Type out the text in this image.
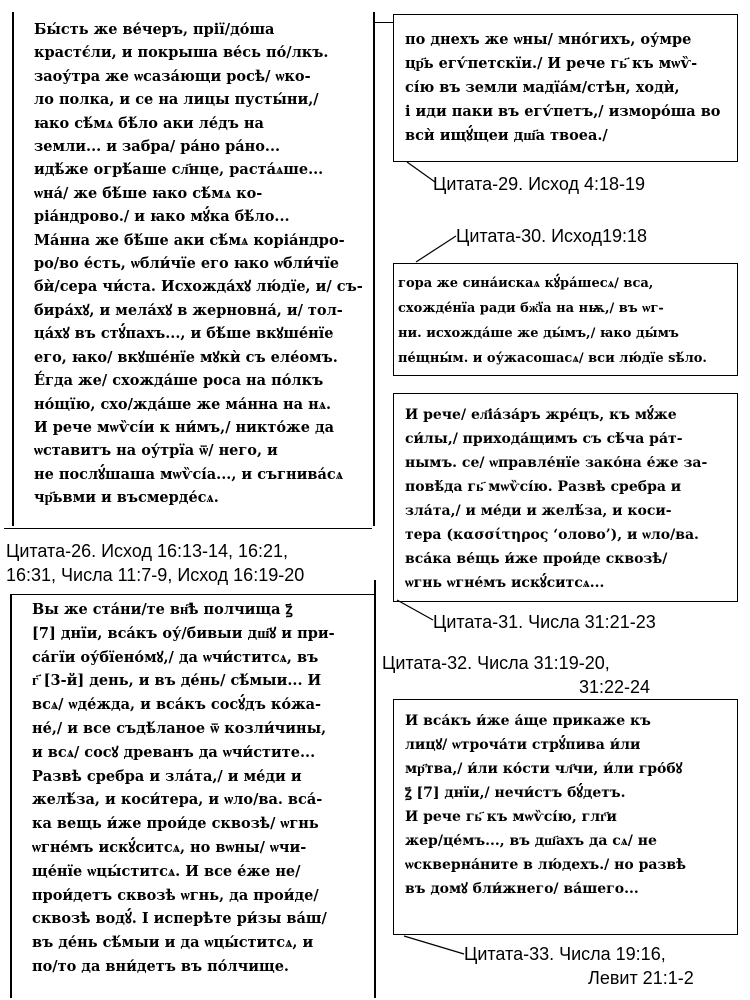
Бы́сть же ве́черъ, прії/до́ша
крастє́ли, и покрыша ве́сь по́/лкъ.
заоу́тра же ѡсаза́ющи росѣ/ ѡко-
ло полка, и се на лицы пусты́ни,/
ꙗко сѣ́мѧ бѣ́ло аки ле́дъ на
земли... и забра/ ра́но ра́но...
идѣ́же огрѣ́аше сл҃нце, раста́ѧше...
ѡна́/ же бѣ́ше ꙗко сѣ́мѧ ко-
ріа́ндрово./ и ꙗко мꙋ́ка бѣ́ло...
Ма́нна же бѣ́ше аки сѣ́мѧ коріа́ндро-
ро/во е́сть, ѡбли́чїе его ꙗко ѡбли́чїе
бѝ/сера чи́ста. Исхожда́хꙋ лю́дїе, и/ съ-
бира́хꙋ, и мела́хꙋ в жерновна́, и/ тол-
ца́хꙋ въ стꙋ́пахъ..., и бѣ́ше вкꙋше́нїе
его, ꙗко/ вкꙋше́нїе мꙋкѝ съ еле́омъ.
Е́гда же/ схожда́ше роса на по́лкъ
но́щїю, схо/жда́ше же ма́нна на нѧ.
И рече мѡѷсі́и к ни́мъ,/ никто́же да
ѡставитъ на оу́трїа ѿ/ него, и
не послꙋ́шаша мѡѷсі́а..., и съгнива́сѧ
чр҃ьвми и въсмерде́сѧ.
Цитата-26. Исход 16:13-14, 16:21,
16:31, Числа 11:7-9, Исход 16:19-20
по днехъ же ѡны/ мно́гихъ, оу́мре
цр҃ь егѵ́петскїи./ И рече гь҃ къ мѡѷ-
сі́ю въ земли мадїа́м/стѣн, ходѝ,
і иди паки въ егѵ́петъ,/ изморо́ша во
всѝ ищꙋ́щеи дш҃а твоеа./
Цитата-29. Исход 4:18-19
Цитата-30. Исход19:18
гора же сина́искаѧ кꙋ́ра́шесѧ/ вса,
схожде́нїа ради бж҃їа на нѭ,/ въ ѡг-
ни. исхожда́ше же ды́мъ,/ ꙗко ды́мъ
пе́щны́м. и оу́жасошасѧ/ вси лю́дїе ѕѣ́ло.
И рече/ ел҃іа́за́ръ жре́цъ, къ мꙋ́же
си́лы,/ прихода́щимъ съ сѣ́ча ра́т-
нымъ. се/ ѡправле́нїе зако́на е́же за-
повѣ́да гь҃ мѡѷсі́ю. Развѣ сребра и
зла́та,/ и ме́ди и желѣ́за, и коси-
тера (κασσίτηρος ‘олово’), и ѡло/ва.
вса́ка ве́щь и́же прои́де сквозѣ/
ѡгнь ѡгне́мъ искꙋ́ситсѧ...
Цитата-31. Числа 31:21-23
Вы же ста́ни/те вн҃ѣ полчища ꙁ҃
[7] днїи, вса́къ оу́/бивыи дш҃ꙋ и при-
са́гїи оу́бїено́мꙋ,/ да ѡчи́ститсѧ, въ
г҃ [3-й] день, и въ де́нь/ сѣ́мыи... И
всѧ/ ѡде́жда, и вса́къ сосꙋ́дъ ко́жа-
не́,/ и все съдѣ́ланое ѿ козли́чины,
и всѧ/ сосꙋ древанъ да ѡчи́стите...
Развѣ сребра и зла́та,/ и ме́ди и
желѣ́за, и коси́тера, и ѡло/ва. вса́-
ка вещь и́же прои́де сквозѣ/ ѡгнь
ѡгне́мъ искꙋ́ситсѧ, но вѡны/ ѡчи-
ще́нїе ѡцы́ститсѧ. И все е́же не/
прои́детъ сквозѣ ѡгнь, да прои́де/
сквозѣ водꙋ́. І исперѣте ри́зы ва́ш/
въ де́нь сѣ́мыи и да ѡцы́ститсѧ, и
по/то да вни́детъ въ по́лчище.
Цитата-32. Числа 31:19-20,
31:22-24
И вса́къ и́же а́ще прикаже къ
лицꙋ/ ѡтроча́ти стрꙋ́пива и́ли
мр҃тва,/ и́ли ко́сти чл҃чи, и́ли гро́бꙋ
ꙁ҃ [7] днїи,/ нечи́стъ бꙋ́детъ.
И рече гь҃ къ мѡѷсі́ю, глг҃и
жер/це́мъ..., въ дш҃ахъ да сѧ/ не
ѡскверна́ните в лю́дехъ./ но развѣ
въ домꙋ бли́жнего/ ва́шего...
Цитата-33. Числа 19:16,
Левит 21:1-2
